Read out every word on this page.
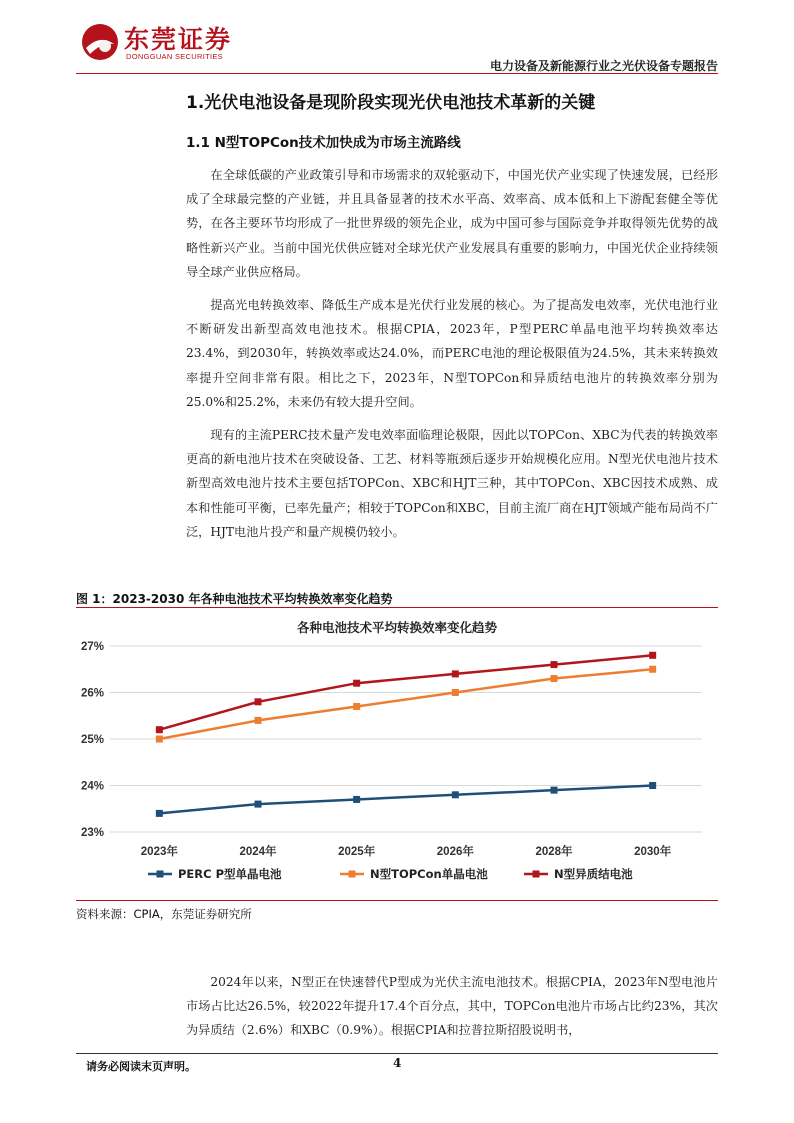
东莞证券
DONGGUAN SECURITIES
电力设备及新能源行业之光伏设备专题报告
1.光伏电池设备是现阶段实现光伏电池技术革新的关键
1.1 N型TOPCon技术加快成为市场主流路线
在全球低碳的产业政策引导和市场需求的双轮驱动下，中国光伏产业实现了快速发展，已经形成了全球最完整的产业链，并且具备显著的技术水平高、效率高、成本低和上下游配套健全等优势，在各主要环节均形成了一批世界级的领先企业，成为中国可参与国际竞争并取得领先优势的战略性新兴产业。当前中国光伏供应链对全球光伏产业发展具有重要的影响力，中国光伏企业持续领导全球产业供应格局。
提高光电转换效率、降低生产成本是光伏行业发展的核心。为了提高发电效率，光伏电池行业不断研发出新型高效电池技术。根据CPIA，2023年，P型PERC单晶电池平均转换效率达23.4%，到2030年，转换效率或达24.0%，而PERC电池的理论极限值为24.5%，其未来转换效率提升空间非常有限。相比之下，2023年，N型TOPCon和异质结电池片的转换效率分别为25.0%和25.2%，未来仍有较大提升空间。
现有的主流PERC技术量产发电效率面临理论极限，因此以TOPCon、XBC为代表的转换效率更高的新电池片技术在突破设备、工艺、材料等瓶颈后逐步开始规模化应用。N型光伏电池片技术新型高效电池片技术主要包括TOPCon、XBC和HJT三种，其中TOPCon、XBC因技术成熟、成本和性能可平衡，已率先量产；相较于TOPCon和XBC，目前主流厂商在HJT领域产能布局尚不广泛，HJT电池片投产和量产规模仍较小。
图 1：2023-2030 年各种电池技术平均转换效率变化趋势
各种电池技术平均转换效率变化趋势
23%
24%
25%
26%
27%
2023年	2024年	2025年	2026年	2028年	2030年
PERC P型单晶电池	N型TOPCon单晶电池	N型异质结电池
资料来源：CPIA，东莞证券研究所
2024年以来，N型正在快速替代P型成为光伏主流电池技术。根据CPIA，2023年N型电池片市场占比达26.5%，较2022年提升17.4个百分点，其中，TOPCon电池片市场占比约23%，其次为异质结（2.6%）和XBC（0.9%）。根据CPIA和拉普拉斯招股说明书，
请务必阅读末页声明。	4
